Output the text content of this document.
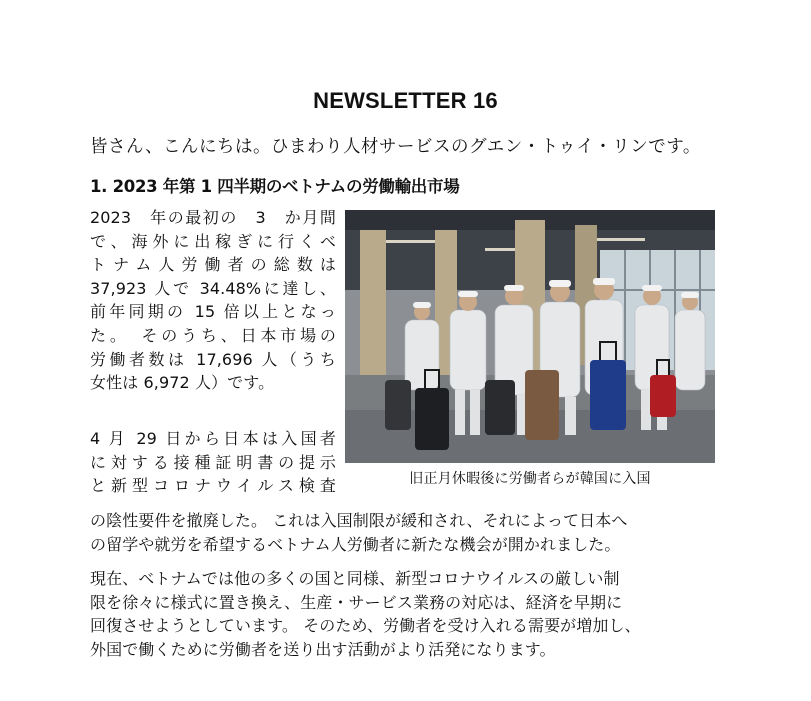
NEWSLETTER 16
皆さん、こんにちは。ひまわり人材サービスのグエン・トゥイ・リンです。
1. 2023 年第 1 四半期のベトナムの労働輸出市場
2023　年の最初の　3　か月間
で、海外に出稼ぎに行くベ
トナム人労働者の総数は
37,923 人で 34.48%に達し、
前年同期の 15 倍以上となっ
た。　そのうち、日本市場の
労働者数は 17,696 人（うち
女性は 6,972 人）です。
4 月 29 日から日本は入国者
に対する接種証明書の提示
と新型コロナウイルス検査
の陰性要件を撤廃した。 これは入国制限が緩和され、それによって日本へ
の留学や就労を希望するベトナム人労働者に新たな機会が開かれました。
現在、ベトナムでは他の多くの国と同様、新型コロナウイルスの厳しい制
限を徐々に様式に置き換え、生産・サービス業務の対応は、経済を早期に
回復させようとしています。 そのため、労働者を受け入れる需要が増加し、
外国で働くために労働者を送り出す活動がより活発になります。
旧正月休暇後に労働者らが韓国に入国
